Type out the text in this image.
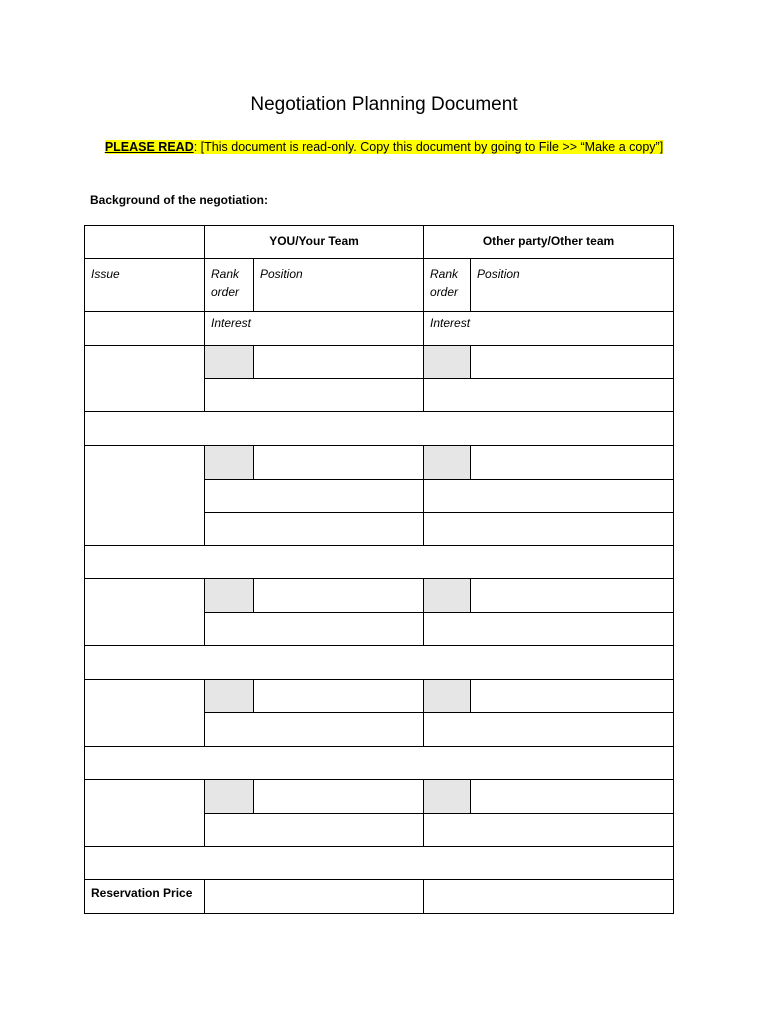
Negotiation Planning Document
PLEASE READ: [This document is read-only. Copy this document by going to File >> “Make a copy”]
Background of the negotiation:
	YOU/Your Team		Other party/Other team	
Issue	Rank order	Position	Rank order	Position
	Interest		Interest	

Reservation Price				
